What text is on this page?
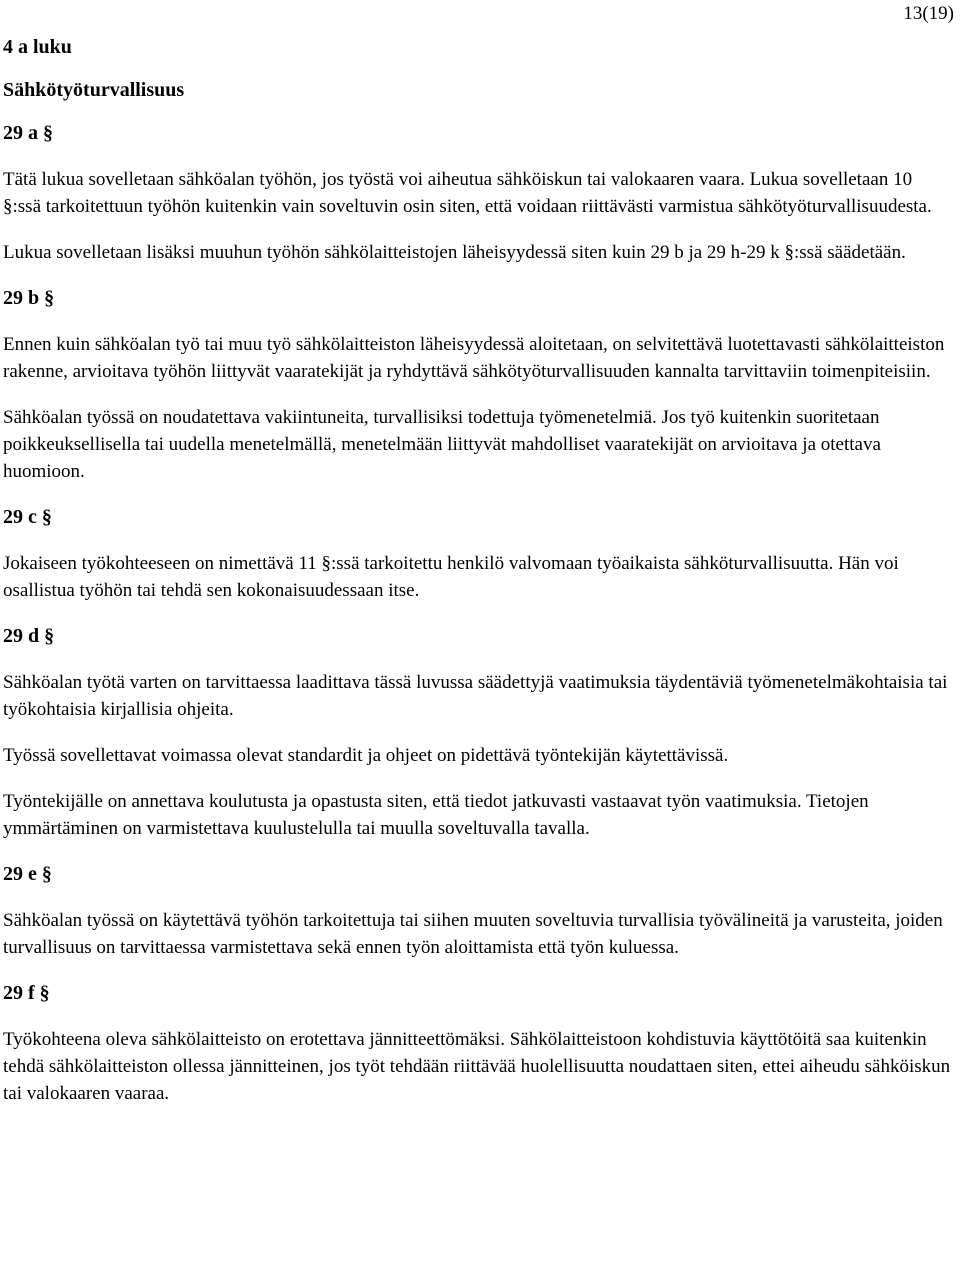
13(19)
4 a luku
Sähkötyöturvallisuus
29 a §

Tätä lukua sovelletaan sähköalan työhön, jos työstä voi aiheutua sähköiskun tai valokaaren vaara. Lukua sovelletaan 10 §:ssä tarkoitettuun työhön kuitenkin vain soveltuvin osin siten, että voidaan riittävästi varmistua sähkötyöturvallisuudesta.

Lukua sovelletaan lisäksi muuhun työhön sähkölaitteistojen läheisyydessä siten kuin 29 b ja 29 h-29 k §:ssä säädetään.

29 b §

Ennen kuin sähköalan työ tai muu työ sähkölaitteiston läheisyydessä aloitetaan, on selvitettävä luotettavasti sähkölaitteiston rakenne, arvioitava työhön liittyvät vaaratekijät ja ryhdyttävä sähkötyöturvallisuuden kannalta tarvittaviin toimenpiteisiin.

Sähköalan työssä on noudatettava vakiintuneita, turvallisiksi todettuja työmenetelmiä. Jos työ kuitenkin suoritetaan poikkeuksellisella tai uudella menetelmällä, menetelmään liittyvät mahdolliset vaaratekijät on arvioitava ja otettava huomioon.

29 c §

Jokaiseen työkohteeseen on nimettävä 11 §:ssä tarkoitettu henkilö valvomaan työaikaista sähköturvallisuutta. Hän voi osallistua työhön tai tehdä sen kokonaisuudessaan itse.

29 d §

Sähköalan työtä varten on tarvittaessa laadittava tässä luvussa säädettyjä vaatimuksia täydentäviä työmenetelmäkohtaisia tai työkohtaisia kirjallisia ohjeita.

Työssä sovellettavat voimassa olevat standardit ja ohjeet on pidettävä työntekijän käytettävissä.

Työntekijälle on annettava koulutusta ja opastusta siten, että tiedot jatkuvasti vastaavat työn vaatimuksia. Tietojen ymmärtäminen on varmistettava kuulustelulla tai muulla soveltuvalla tavalla.

29 e §

Sähköalan työssä on käytettävä työhön tarkoitettuja tai siihen muuten soveltuvia turvallisia työvälineitä ja varusteita, joiden turvallisuus on tarvittaessa varmistettava sekä ennen työn aloittamista että työn kuluessa.

29 f §

Työkohteena oleva sähkölaitteisto on erotettava jännitteettömäksi. Sähkölaitteistoon kohdistuvia käyttötöitä saa kuitenkin tehdä sähkölaitteiston ollessa jännitteinen, jos työt tehdään riittävää huolellisuutta noudattaen siten, ettei aiheudu sähköiskun tai valokaaren vaaraa.
